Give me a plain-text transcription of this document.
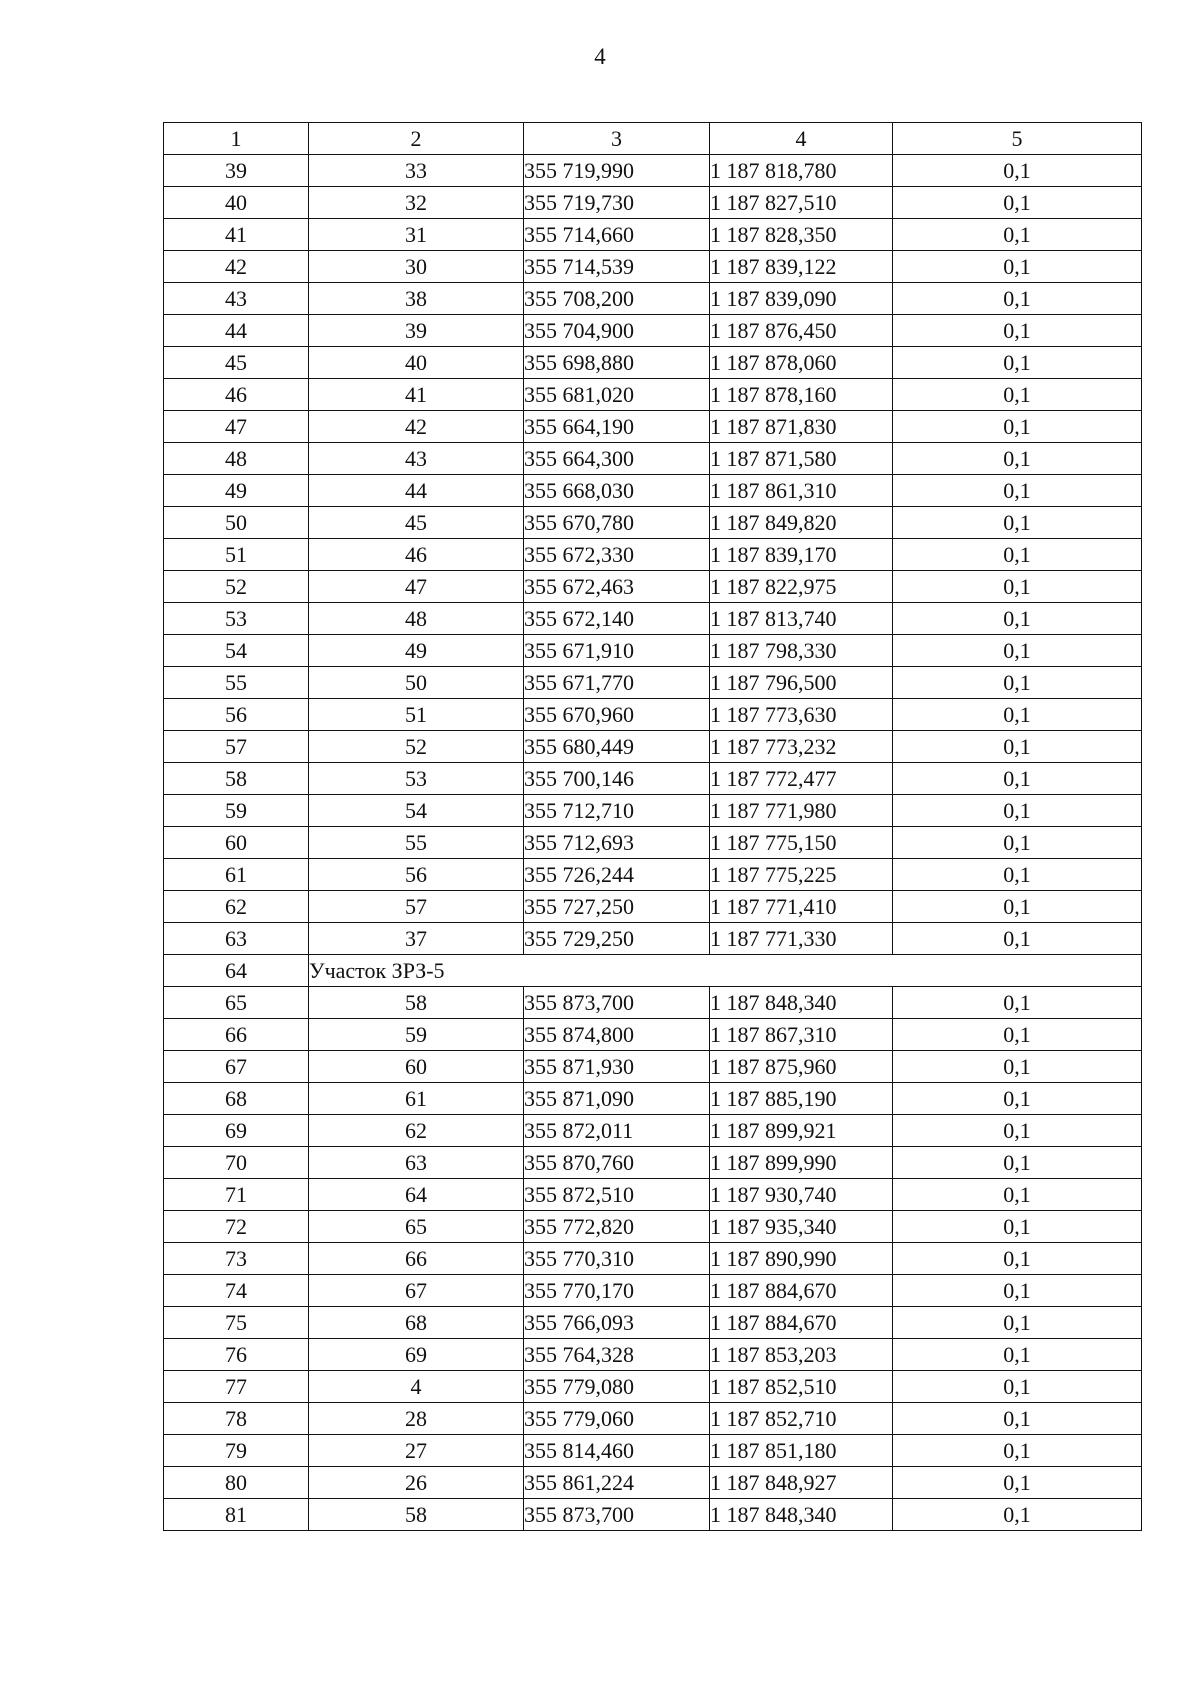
4
1	2	3	4	5
39	33	355 719,990	1 187 818,780	0,1
40	32	355 719,730	1 187 827,510	0,1
41	31	355 714,660	1 187 828,350	0,1
42	30	355 714,539	1 187 839,122	0,1
43	38	355 708,200	1 187 839,090	0,1
44	39	355 704,900	1 187 876,450	0,1
45	40	355 698,880	1 187 878,060	0,1
46	41	355 681,020	1 187 878,160	0,1
47	42	355 664,190	1 187 871,830	0,1
48	43	355 664,300	1 187 871,580	0,1
49	44	355 668,030	1 187 861,310	0,1
50	45	355 670,780	1 187 849,820	0,1
51	46	355 672,330	1 187 839,170	0,1
52	47	355 672,463	1 187 822,975	0,1
53	48	355 672,140	1 187 813,740	0,1
54	49	355 671,910	1 187 798,330	0,1
55	50	355 671,770	1 187 796,500	0,1
56	51	355 670,960	1 187 773,630	0,1
57	52	355 680,449	1 187 773,232	0,1
58	53	355 700,146	1 187 772,477	0,1
59	54	355 712,710	1 187 771,980	0,1
60	55	355 712,693	1 187 775,150	0,1
61	56	355 726,244	1 187 775,225	0,1
62	57	355 727,250	1 187 771,410	0,1
63	37	355 729,250	1 187 771,330	0,1
64	Участок ЗРЗ-5			
65	58	355 873,700	1 187 848,340	0,1
66	59	355 874,800	1 187 867,310	0,1
67	60	355 871,930	1 187 875,960	0,1
68	61	355 871,090	1 187 885,190	0,1
69	62	355 872,011	1 187 899,921	0,1
70	63	355 870,760	1 187 899,990	0,1
71	64	355 872,510	1 187 930,740	0,1
72	65	355 772,820	1 187 935,340	0,1
73	66	355 770,310	1 187 890,990	0,1
74	67	355 770,170	1 187 884,670	0,1
75	68	355 766,093	1 187 884,670	0,1
76	69	355 764,328	1 187 853,203	0,1
77	4	355 779,080	1 187 852,510	0,1
78	28	355 779,060	1 187 852,710	0,1
79	27	355 814,460	1 187 851,180	0,1
80	26	355 861,224	1 187 848,927	0,1
81	58	355 873,700	1 187 848,340	0,1
